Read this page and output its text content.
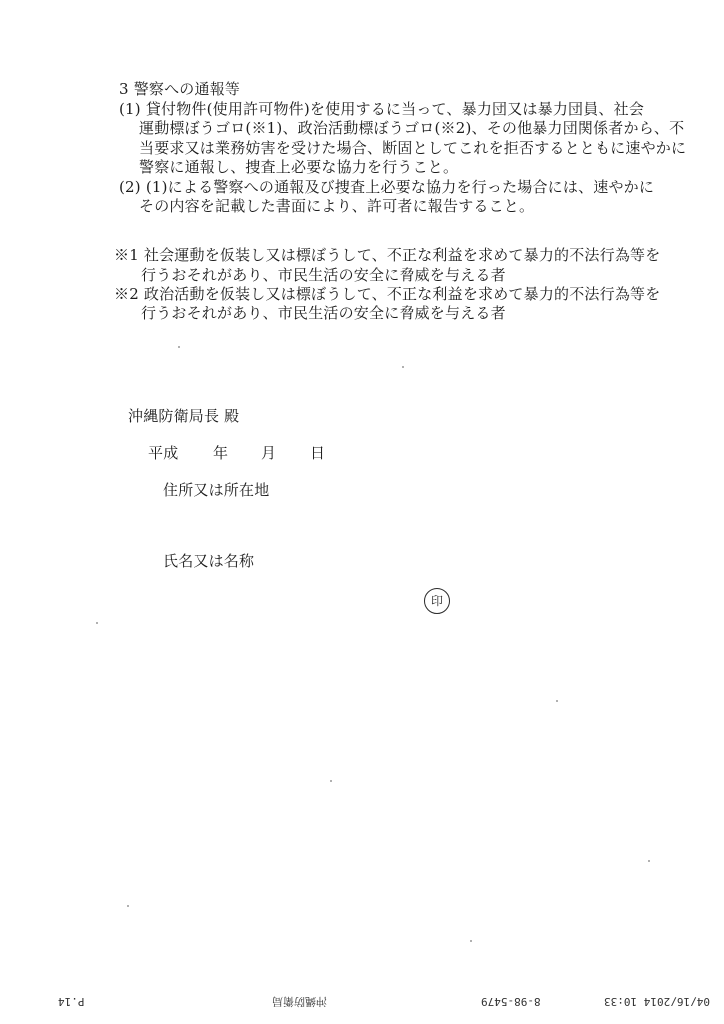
3 警察への通報等
(1) 貸付物件(使用許可物件)を使用するに当って、暴力団又は暴力団員、社会
運動標ぼうゴロ(※1)、政治活動標ぼうゴロ(※2)、その他暴力団関係者から、不
当要求又は業務妨害を受けた場合、断固としてこれを拒否するとともに速やかに
警察に通報し、捜査上必要な協力を行うこと。
(2) (1)による警察への通報及び捜査上必要な協力を行った場合には、速やかに
その内容を記載した書面により、許可者に報告すること。
※1 社会運動を仮装し又は標ぼうして、不正な利益を求めて暴力的不法行為等を
行うおそれがあり、市民生活の安全に脅威を与える者
※2 政治活動を仮装し又は標ぼうして、不正な利益を求めて暴力的不法行為等を
行うおそれがあり、市民生活の安全に脅威を与える者
沖縄防衛局長 殿
平成 年 月 日
住所又は所在地
氏名又は名称
印
04/16/2014 10:33
8-98-5479
沖縄防衛局
P.14
